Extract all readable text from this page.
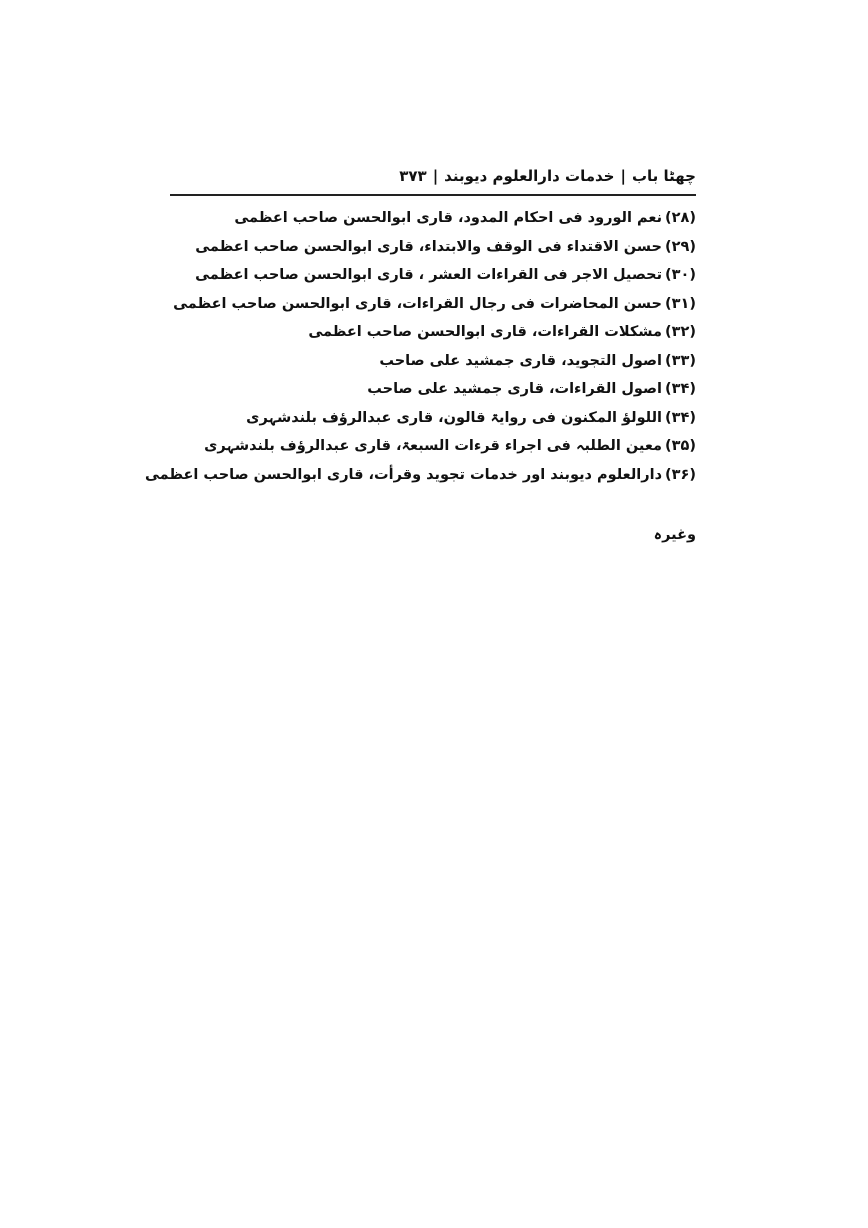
چھٹا باب
|
خدمات دارالعلوم دیوبند
|
۳۷۳
(۲۸)نعم الورود فی احکام المدود، قاری ابوالحسن صاحب اعظمی
(۲۹)حسن الاقتداء فی الوقف والابتداء، قاری ابوالحسن صاحب اعظمی
(۳۰)تحصیل الاجر فی القراءات العشر ، قاری ابوالحسن صاحب اعظمی
(۳۱)حسن المحاضرات فی رجال القراءات، قاری ابوالحسن صاحب اعظمی
(۳۲)مشکلات القراءات، قاری ابوالحسن صاحب اعظمی
(۳۳)اصول التجوید، قاری جمشید علی صاحب
(۳۴)اصول القراءات، قاری جمشید علی صاحب
(۳۴)اللولؤ المکنون فی روایۃ قالون، قاری عبدالرؤف بلندشہری
(۳۵)معین الطلبہ فی اجراء قرءات السبعۃ، قاری عبدالرؤف بلندشہری
(۳۶)دارالعلوم دیوبند اور خدمات تجوید وقرأت، قاری ابوالحسن صاحب اعظمی
وغیرہ
